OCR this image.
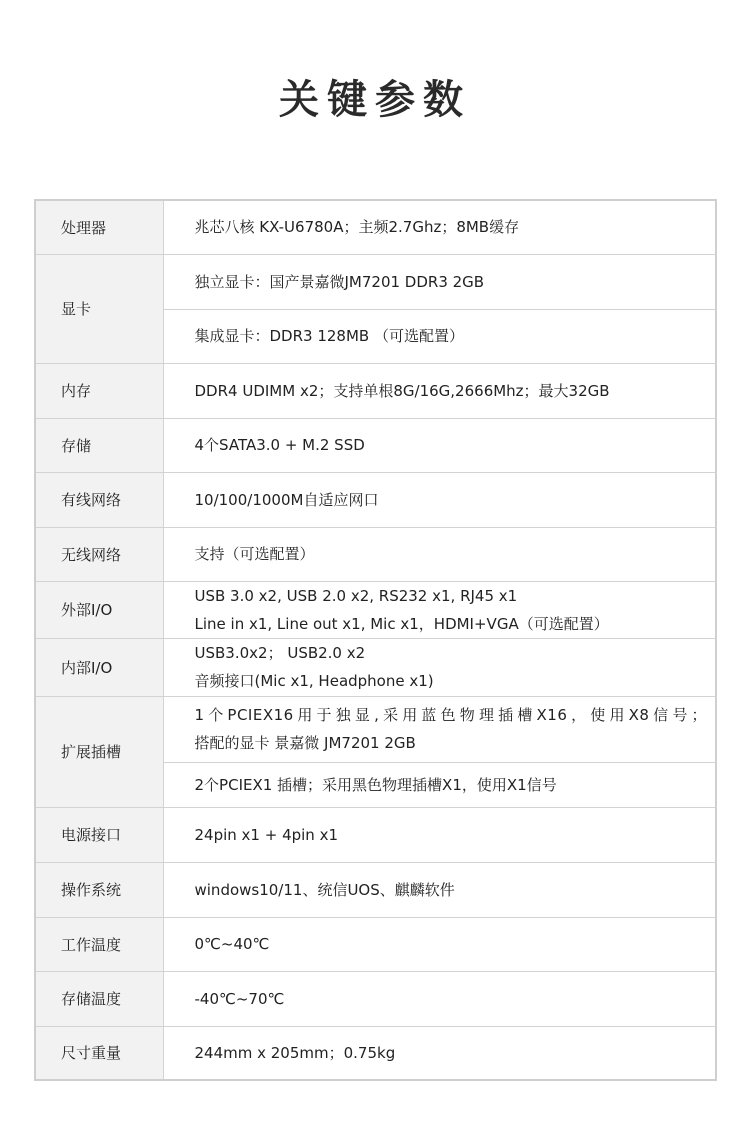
关键参数
处理器	兆芯八核 KX-U6780A；主频2.7Ghz；8MB缓存

显卡	独立显卡：国产景嘉微JM7201 DDR3 2GB

	集成显卡：DDR3 128MB （可选配置）

内存	DDR4 UDIMM x2；支持单根8G/16G,2666Mhz；最大32GB

存储	4个SATA3.0 + M.2 SSD

有线网络	10/100/1000M自适应网口

无线网络	支持（可选配置）

外部I/O	USB 3.0 x2, USB 2.0 x2, RS232 x1, RJ45 x1
Line in x1, Line out x1, Mic x1，HDMI+VGA（可选配置）

内部I/O	USB3.0x2； USB2.0 x2
音频接口(Mic x1, Headphone x1)

扩展插槽	1个PCIEX16用于独显,采用蓝色物理插槽X16，使用X8信号；
搭配的显卡 景嘉微 JM7201 2GB

	2个PCIEX1 插槽；采用黑色物理插槽X1，使用X1信号

电源接口	24pin x1 + 4pin x1

操作系统	windows10/11、统信UOS、麒麟软件

工作温度	0℃~40℃

存储温度	-40℃~70℃

尺寸重量	244mm x 205mm；0.75kg
